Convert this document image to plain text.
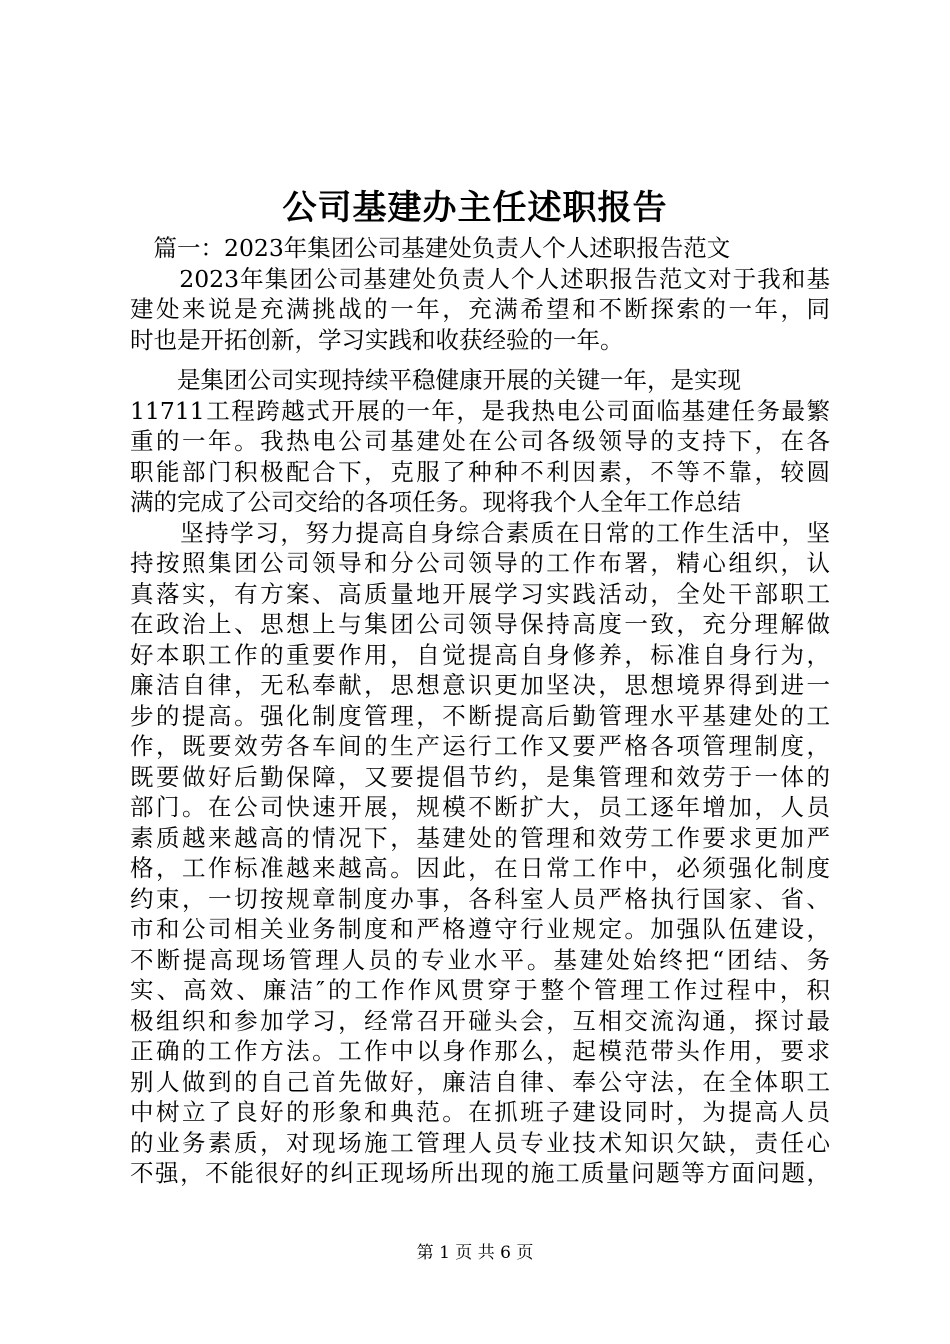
公司基建办主任述职报告
　篇一：2023年集团公司基建处负责人个人述职报告范文
　　2023年集团公司基建处负责人个人述职报告范文对于我和基
建处来说是充满挑战的一年，充满希望和不断探索的一年，同
时也是开拓创新，学习实践和收获经验的一年。
　　是集团公司实现持续平稳健康开展的关键一年，是实现
11711工程跨越式开展的一年，是我热电公司面临基建任务最繁
重的一年。我热电公司基建处在公司各级领导的支持下，在各
职能部门积极配合下，克服了种种不利因素，不等不靠，较圆
满的完成了公司交给的各项任务。现将我个人全年工作总结
　　坚持学习，努力提高自身综合素质在日常的工作生活中，坚
持按照集团公司领导和分公司领导的工作布署，精心组织，认
真落实，有方案、高质量地开展学习实践活动，全处干部职工
在政治上、思想上与集团公司领导保持高度一致，充分理解做
好本职工作的重要作用，自觉提高自身修养，标准自身行为，
廉洁自律，无私奉献，思想意识更加坚决，思想境界得到进一
步的提高。强化制度管理，不断提高后勤管理水平基建处的工
作，既要效劳各车间的生产运行工作又要严格各项管理制度，
既要做好后勤保障，又要提倡节约，是集管理和效劳于一体的
部门。在公司快速开展，规模不断扩大，员工逐年增加，人员
素质越来越高的情况下，基建处的管理和效劳工作要求更加严
格，工作标准越来越高。因此，在日常工作中，必须强化制度
约束，一切按规章制度办事，各科室人员严格执行国家、省、
市和公司相关业务制度和严格遵守行业规定。加强队伍建设，
不断提高现场管理人员的专业水平。基建处始终把“团结、务
实、高效、廉洁″的工作作风贯穿于整个管理工作过程中，积
极组织和参加学习，经常召开碰头会，互相交流沟通，探讨最
正确的工作方法。工作中以身作那么，起模范带头作用，要求
别人做到的自己首先做好，廉洁自律、奉公守法，在全体职工
中树立了良好的形象和典范。在抓班子建设同时，为提高人员
的业务素质，对现场施工管理人员专业技术知识欠缺，责任心
不强，不能很好的纠正现场所出现的施工质量问题等方面问题，
第 1 页 共 6 页
